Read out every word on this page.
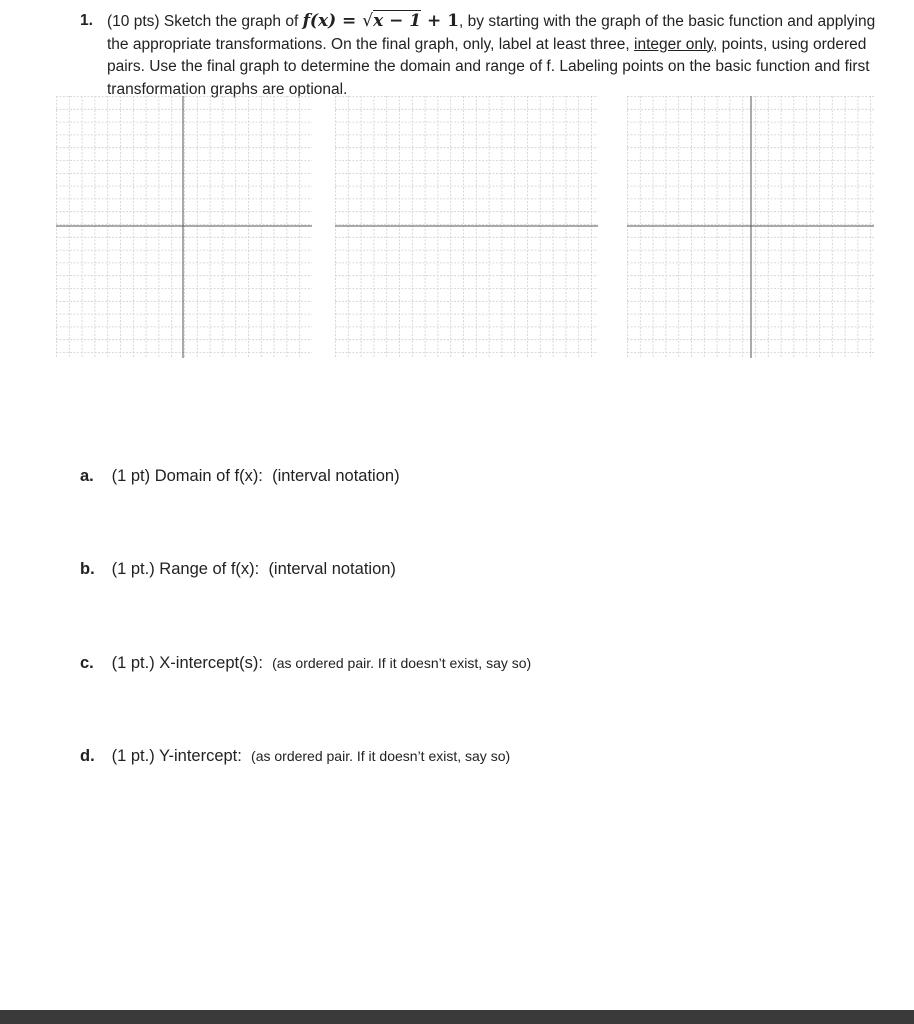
1. (10 pts) Sketch the graph of f(x) = √x − 1 + 1, by starting with the graph of the basic function and applying the appropriate transformations. On the final graph, only, label at least three, integer only, points, using ordered pairs. Use the final graph to determine the domain and range of f. Labeling points on the basic function and first transformation graphs are optional.
a. (1 pt) Domain of f(x): (interval notation)
b. (1 pt.) Range of f(x): (interval notation)
c. (1 pt.) X-intercept(s): (as ordered pair. If it doesn’t exist, say so)
d. (1 pt.) Y-intercept: (as ordered pair. If it doesn’t exist, say so)
